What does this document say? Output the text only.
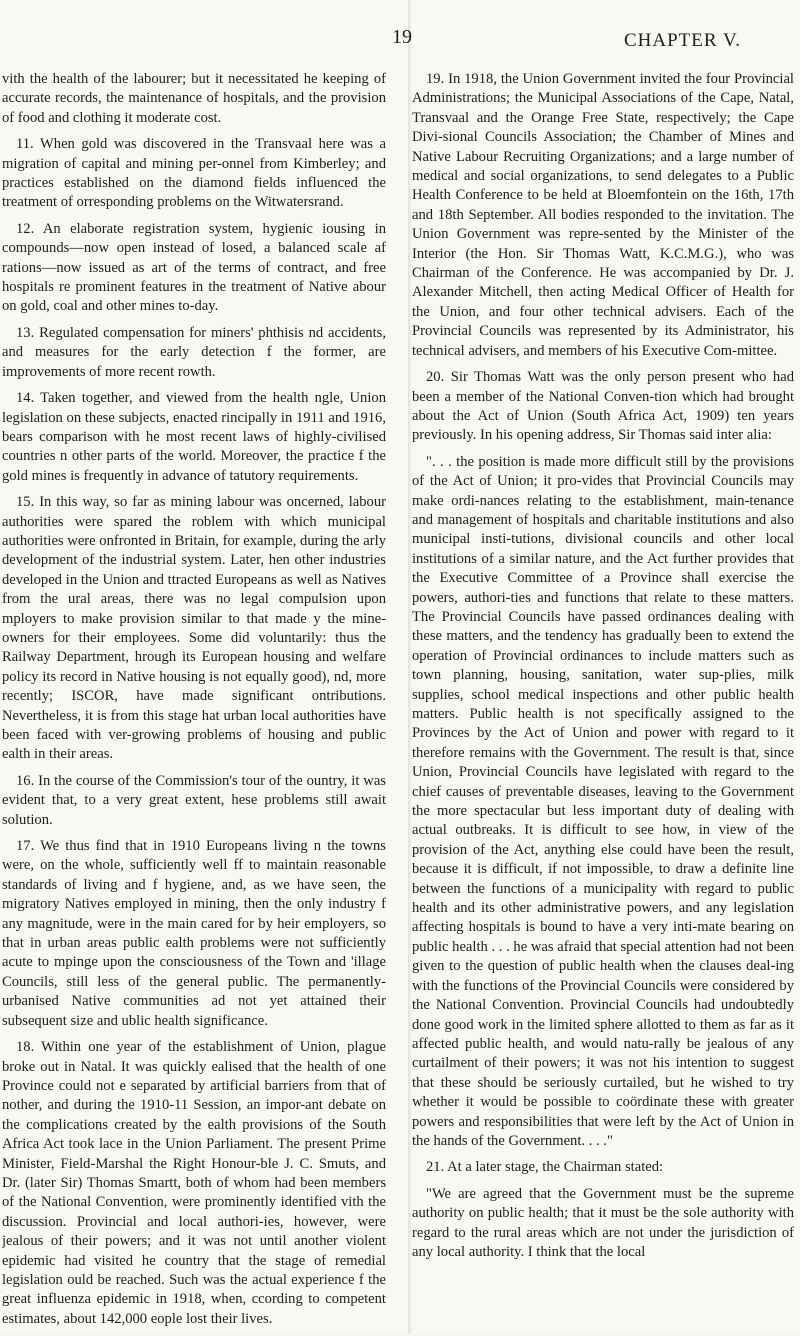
19	CHAPTER V.

vith the health of the labourer; but it necessitated he keeping of accurate records, the maintenance of hospitals, and the provision of food and clothing it moderate cost.

11. When gold was discovered in the Transvaal here was a migration of capital and mining per-onnel from Kimberley; and practices established on the diamond fields influenced the treatment of orresponding problems on the Witwatersrand.

12. An elaborate registration system, hygienic iousing in compounds—now open instead of losed, a balanced scale af rations—now issued as art of the terms of contract, and free hospitals re prominent features in the treatment of Native abour on gold, coal and other mines to-day.

13. Regulated compensation for miners' phthisis nd accidents, and measures for the early detection f the former, are improvements of more recent rowth.

14. Taken together, and viewed from the health ngle, Union legislation on these subjects, enacted rincipally in 1911 and 1916, bears comparison with he most recent laws of highly-civilised countries n other parts of the world. Moreover, the practice f the gold mines is frequently in advance of tatutory requirements.

15. In this way, so far as mining labour was oncerned, labour authorities were spared the roblem with which municipal authorities were onfronted in Britain, for example, during the arly development of the industrial system. Later, hen other industries developed in the Union and ttracted Europeans as well as Natives from the ural areas, there was no legal compulsion upon mployers to make provision similar to that made y the mine-owners for their employees. Some did voluntarily: thus the Railway Department, hrough its European housing and welfare policy its record in Native housing is not equally good), nd, more recently; ISCOR, have made significant ontributions. Nevertheless, it is from this stage hat urban local authorities have been faced with ver-growing problems of housing and public ealth in their areas.

16. In the course of the Commission's tour of the ountry, it was evident that, to a very great extent, hese problems still await solution.

17. We thus find that in 1910 Europeans living n the towns were, on the whole, sufficiently well ff to maintain reasonable standards of living and f hygiene, and, as we have seen, the migratory Natives employed in mining, then the only industry f any magnitude, were in the main cared for by heir employers, so that in urban areas public ealth problems were not sufficiently acute to mpinge upon the consciousness of the Town and 'illage Councils, still less of the general public. The permanently-urbanised Native communities ad not yet attained their subsequent size and ublic health significance.

18. Within one year of the establishment of Union, plague broke out in Natal. It was quickly ealised that the health of one Province could not e separated by artificial barriers from that of nother, and during the 1910-11 Session, an impor-ant debate on the complications created by the ealth provisions of the South Africa Act took lace in the Union Parliament. The present Prime Minister, Field-Marshal the Right Honour-ble J. C. Smuts, and Dr. (later Sir) Thomas Smartt, both of whom had been members of the National Convention, were prominently identified vith the discussion. Provincial and local authori-ies, however, were jealous of their powers; and it was not until another violent epidemic had visited he country that the stage of remedial legislation ould be reached. Such was the actual experience f the great influenza epidemic in 1918, when, ccording to competent estimates, about 142,000 eople lost their lives.

19. In 1918, the Union Government invited the four Provincial Administrations; the Municipal Associations of the Cape, Natal, Transvaal and the Orange Free State, respectively; the Cape Divi-sional Councils Association; the Chamber of Mines and Native Labour Recruiting Organizations; and a large number of medical and social organizations, to send delegates to a Public Health Conference to be held at Bloemfontein on the 16th, 17th and 18th September. All bodies responded to the invitation. The Union Government was repre-sented by the Minister of the Interior (the Hon. Sir Thomas Watt, K.C.M.G.), who was Chairman of the Conference. He was accompanied by Dr. J. Alexander Mitchell, then acting Medical Officer of Health for the Union, and four other technical advisers. Each of the Provincial Councils was represented by its Administrator, his technical advisers, and members of his Executive Com-mittee.

20. Sir Thomas Watt was the only person present who had been a member of the National Conven-tion which had brought about the Act of Union (South Africa Act, 1909) ten years previously. In his opening address, Sir Thomas said inter alia:

". . . the position is made more difficult still by the provisions of the Act of Union; it pro-vides that Provincial Councils may make ordi-nances relating to the establishment, main-tenance and management of hospitals and charitable institutions and also municipal insti-tutions, divisional councils and other local institutions of a similar nature, and the Act further provides that the Executive Committee of a Province shall exercise the powers, authori-ties and functions that relate to these matters. The Provincial Councils have passed ordinances dealing with these matters, and the tendency has gradually been to extend the operation of Provincial ordinances to include matters such as town planning, housing, sanitation, water sup-plies, milk supplies, school medical inspections and other public health matters. Public health is not specifically assigned to the Provinces by the Act of Union and power with regard to it therefore remains with the Government. The result is that, since Union, Provincial Councils have legislated with regard to the chief causes of preventable diseases, leaving to the Government the more spectacular but less important duty of dealing with actual outbreaks. It is difficult to see how, in view of the provision of the Act, anything else could have been the result, because it is difficult, if not impossible, to draw a definite line between the functions of a municipality with regard to public health and its other administrative powers, and any legislation affecting hospitals is bound to have a very inti-mate bearing on public health . . . he was afraid that special attention had not been given to the question of public health when the clauses deal-ing with the functions of the Provincial Councils were considered by the National Convention. Provincial Councils had undoubtedly done good work in the limited sphere allotted to them as far as it affected public health, and would natu-rally be jealous of any curtailment of their powers; it was not his intention to suggest that these should be seriously curtailed, but he wished to try whether it would be possible to coördinate these with greater powers and responsibilities that were left by the Act of Union in the hands of the Government. . . ."

21. At a later stage, the Chairman stated:

"We are agreed that the Government must be the supreme authority on public health; that it must be the sole authority with regard to the rural areas which are not under the jurisdiction of any local authority. I think that the local
